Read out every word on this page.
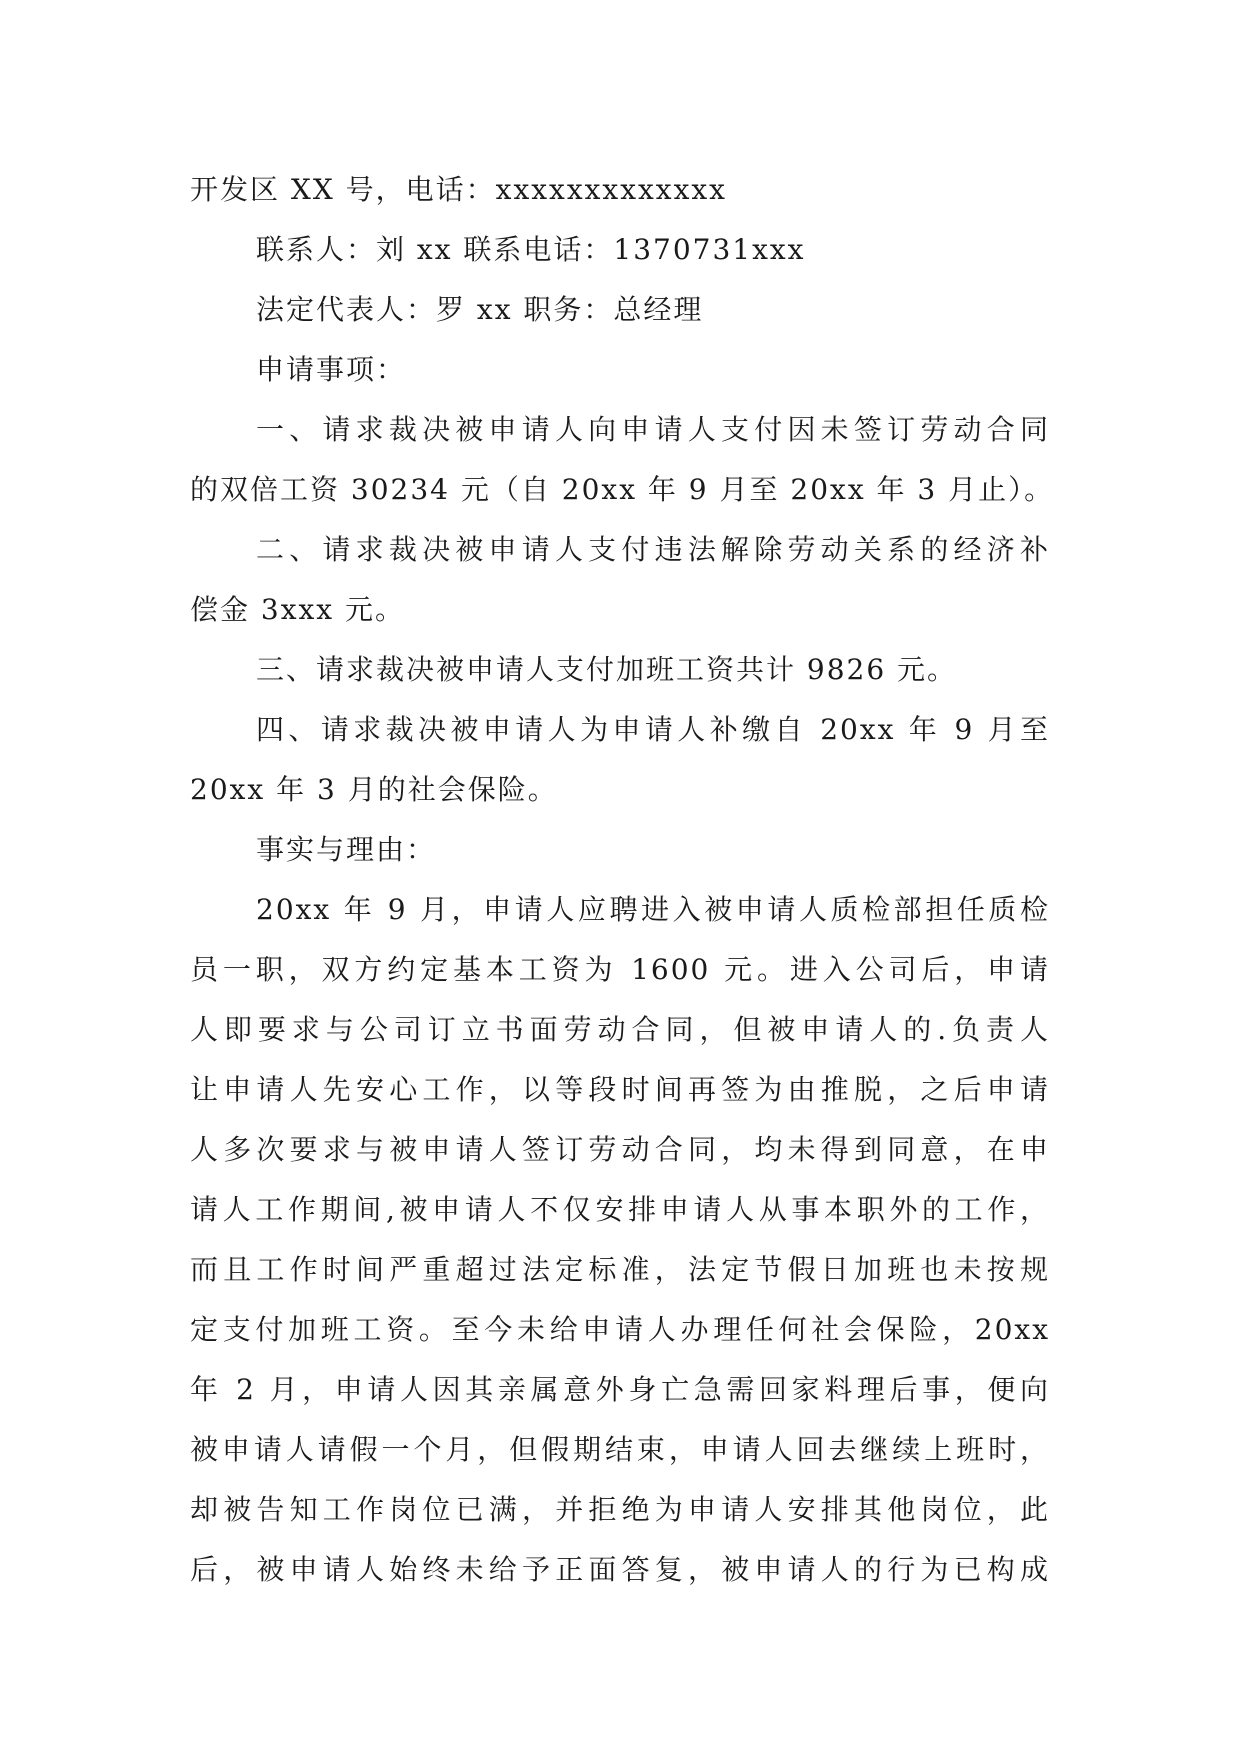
开发区 XX 号，电话：xxxxxxxxxxxxx
联系人：刘 xx 联系电话：1370731xxx
法定代表人：罗 xx 职务：总经理
申请事项：
一、请求裁决被申请人向申请人支付因未签订劳动合同
的双倍工资 30234 元（自 20xx 年 9 月至 20xx 年 3 月止）。
二、请求裁决被申请人支付违法解除劳动关系的经济补
偿金 3xxx 元。
三、请求裁决被申请人支付加班工资共计 9826 元。
四、请求裁决被申请人为申请人补缴自 20xx 年 9 月至
20xx 年 3 月的社会保险。
事实与理由：
20xx 年 9 月，申请人应聘进入被申请人质检部担任质检
员一职，双方约定基本工资为 1600 元。进入公司后，申请
人即要求与公司订立书面劳动合同，但被申请人的.负责人
让申请人先安心工作，以等段时间再签为由推脱，之后申请
人多次要求与被申请人签订劳动合同，均未得到同意，在申
请人工作期间,被申请人不仅安排申请人从事本职外的工作，
而且工作时间严重超过法定标准，法定节假日加班也未按规
定支付加班工资。至今未给申请人办理任何社会保险，20xx
年 2 月，申请人因其亲属意外身亡急需回家料理后事，便向
被申请人请假一个月，但假期结束，申请人回去继续上班时，
却被告知工作岗位已满，并拒绝为申请人安排其他岗位，此
后，被申请人始终未给予正面答复，被申请人的行为已构成
